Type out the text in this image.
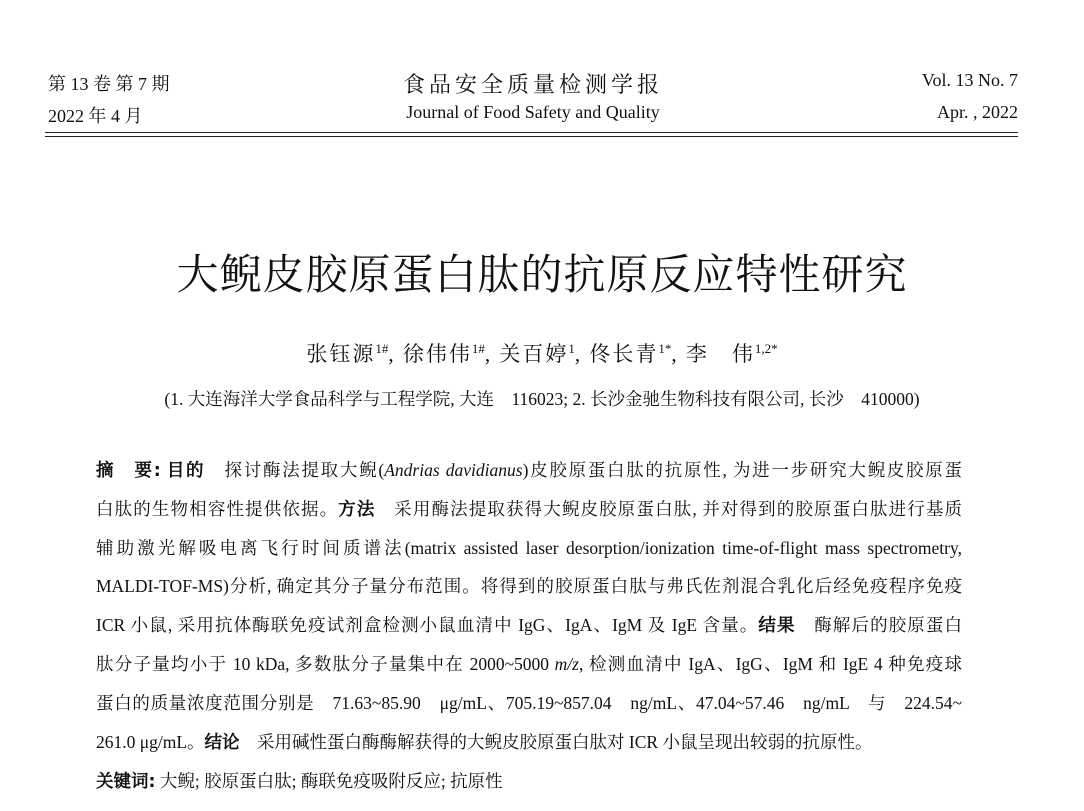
第 13 卷 第 7 期	食品安全质量检测学报	Vol. 13 No. 7
2022 年 4 月	Journal of Food Safety and Quality	Apr. , 2022
大鲵皮胶原蛋白肽的抗原反应特性研究
张钰源$^{1\#}$, 徐伟伟$^{1\#}$, 关百婷$^1$, 佟长青$^{1*}$, 李　伟$^{1,2*}$
(1. 大连海洋大学食品科学与工程学院, 大连　116023; 2. 长沙金驰生物科技有限公司, 长沙　410000)
摘　要: 目的　探讨酶法提取大鲵(Andrias davidianus)皮胶原蛋白肽的抗原性, 为进一步研究大鲵皮胶原蛋
白肽的生物相容性提供依据。方法　采用酶法提取获得大鲵皮胶原蛋白肽, 并对得到的胶原蛋白肽进行基质
辅助激光解吸电离飞行时间质谱法(matrix assisted laser desorption/ionization time-of-flight mass spectrometry,
MALDI-TOF-MS)分析, 确定其分子量分布范围。将得到的胶原蛋白肽与弗氏佐剂混合乳化后经免疫程序免疫
ICR 小鼠, 采用抗体酶联免疫试剂盒检测小鼠血清中 IgG、IgA、IgM 及 IgE 含量。结果　酶解后的胶原蛋白
肽分子量均小于 10 kDa, 多数肽分子量集中在 2000~5000 m/z, 检测血清中 IgA、IgG、IgM 和 IgE 4 种免疫球
蛋白的质量浓度范围分别是　71.63~85.90　μg/mL、705.19~857.04　ng/mL、47.04~57.46　ng/mL　与　224.54~
261.0 μg/mL。结论　采用碱性蛋白酶酶解获得的大鲵皮胶原蛋白肽对 ICR 小鼠呈现出较弱的抗原性。
关键词: 大鲵; 胶原蛋白肽; 酶联免疫吸附反应; 抗原性
